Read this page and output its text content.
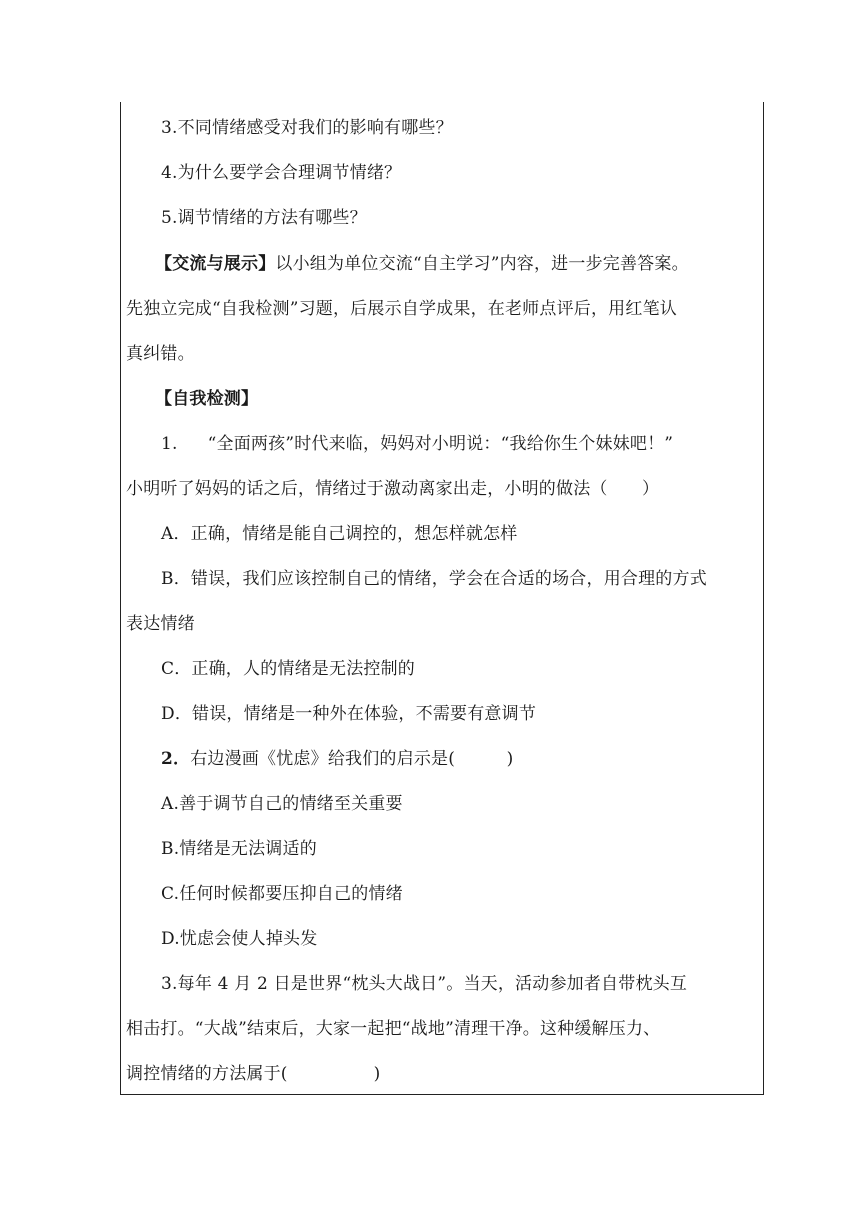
3.不同情绪感受对我们的影响有哪些？
4.为什么要学会合理调节情绪？
5.调节情绪的方法有哪些？
【交流与展示】以小组为单位交流“自主学习”内容，进一步完善答案。
先独立完成“自我检测”习题，后展示自学成果，在老师点评后，用红笔认
真纠错。
【自我检测】
1. “全面两孩”时代来临，妈妈对小明说：“我给你生个妹妹吧！”
小明听了妈妈的话之后，情绪过于激动离家出走，小明的做法（　　）
A．正确，情绪是能自己调控的，想怎样就怎样
B．错误，我们应该控制自己的情绪，学会在合适的场合，用合理的方式
表达情绪
C．正确，人的情绪是无法控制的
D．错误，情绪是一种外在体验，不需要有意调节
2．右边漫画《忧虑》给我们的启示是(　　　)
A.善于调节自己的情绪至关重要
B.情绪是无法调适的
C.任何时候都要压抑自己的情绪
D.忧虑会使人掉头发
3.每年 4 月 2 日是世界“枕头大战日”。当天，活动参加者自带枕头互
相击打。“大战”结束后，大家一起把“战地”清理干净。这种缓解压力、
调控情绪的方法属于(　　　　　)
